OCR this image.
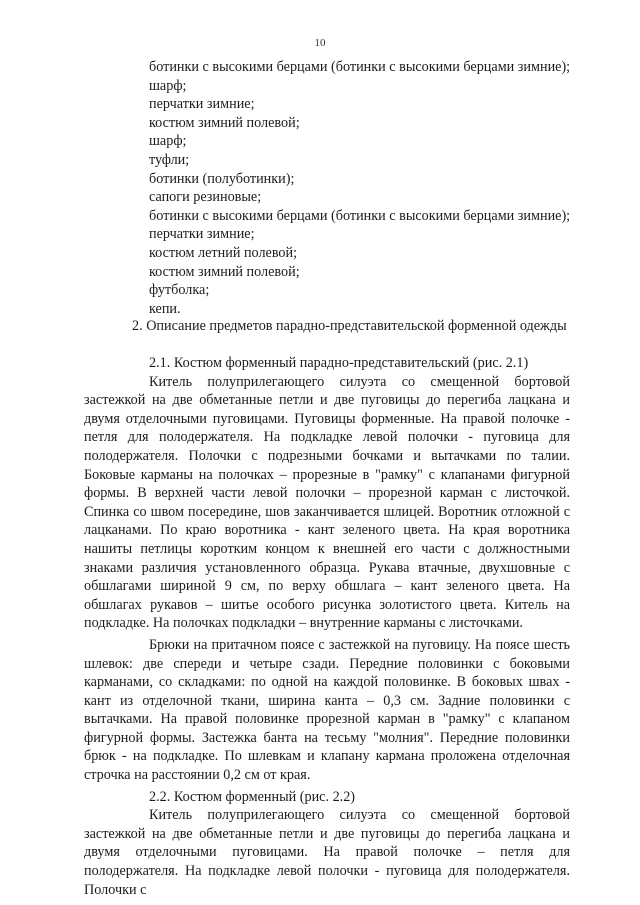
10
ботинки с высокими берцами (ботинки с высокими берцами зимние);
шарф;
перчатки зимние;
костюм зимний полевой;
шарф;
туфли;
ботинки (полуботинки);
сапоги резиновые;
ботинки с высокими берцами (ботинки с высокими берцами зимние);
перчатки зимние;
костюм летний полевой;
костюм зимний полевой;
футболка;
кепи.
2. Описание предметов парадно-представительской форменной одежды
2.1. Костюм форменный парадно-представительский (рис. 2.1)

Китель полуприлегающего силуэта со смещенной бортовой застежкой на две обметанные петли и две пуговицы до перегиба лацкана и двумя отделочными пуговицами. Пуговицы форменные. На правой полочке - петля для полодержателя. На подкладке левой полочки - пуговица для полодержателя. Полочки с подрезными бочками и вытачками по талии. Боковые карманы на полочках – прорезные в "рамку" с клапанами фигурной формы. В верхней части левой полочки – прорезной карман с листочкой. Спинка со швом посередине, шов заканчивается шлицей. Воротник отложной с лацканами. По краю воротника - кант зеленого цвета. На края воротника нашиты петлицы коротким концом к внешней его части с должностными знаками различия установленного образца. Рукава втачные, двухшовные с обшлагами шириной 9 см, по верху обшлага – кант зеленого цвета. На обшлагах рукавов – шитье особого рисунка золотистого цвета. Китель на подкладке. На полочках подкладки – внутренние карманы с листочками.

Брюки на притачном поясе с застежкой на пуговицу. На поясе шесть шлевок: две спереди и четыре сзади. Передние половинки с боковыми карманами, со складками: по одной на каждой половинке. В боковых швах - кант из отделочной ткани, ширина канта – 0,3 см. Задние половинки с вытачками. На правой половинке прорезной карман в "рамку" с клапаном фигурной формы. Застежка банта на тесьму "молния". Передние половинки брюк - на подкладке. По шлевкам и клапану кармана проложена отделочная строчка на расстоянии 0,2 см от края.

2.2. Костюм форменный (рис. 2.2)

Китель полуприлегающего силуэта со смещенной бортовой застежкой на две обметанные петли и две пуговицы до перегиба лацкана и двумя отделочными пуговицами. На правой полочке – петля для полодержателя. На подкладке левой полочки - пуговица для полодержателя. Полочки с
